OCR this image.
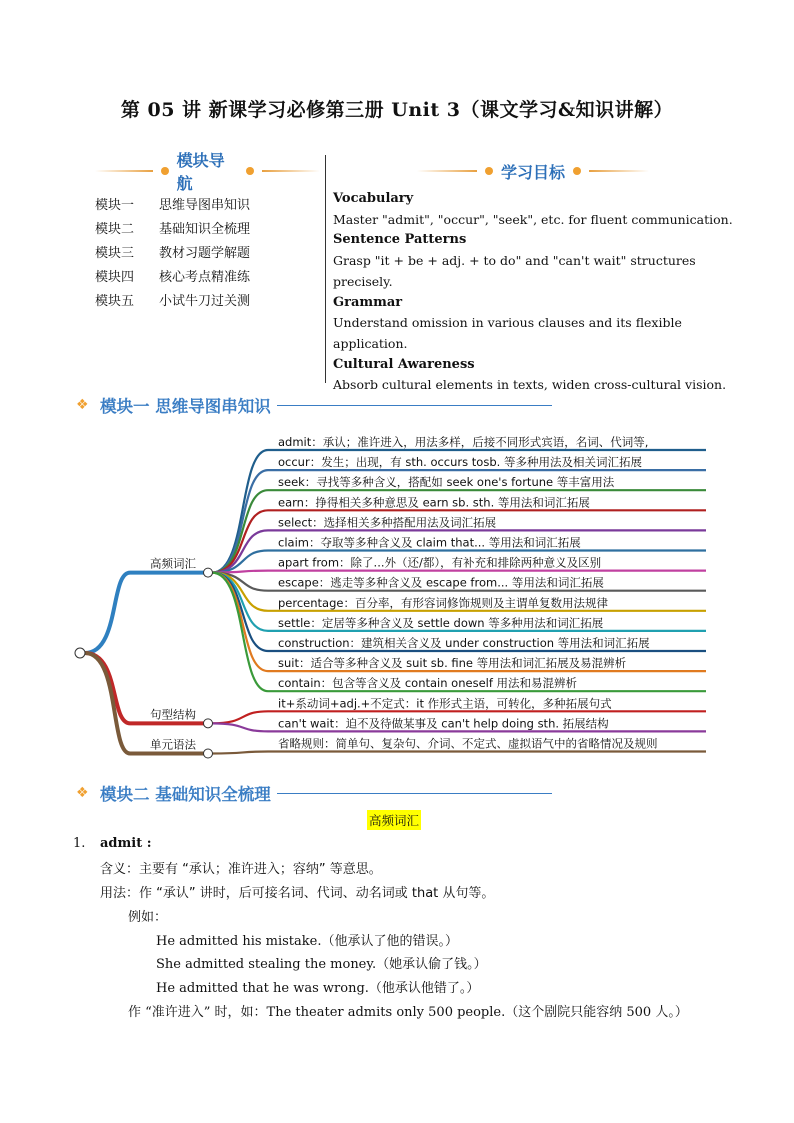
第 05 讲 新课学习必修第三册 Unit 3（课文学习&知识讲解）
模块导航
模块一	思维导图串知识
模块二	基础知识全梳理
模块三	教材习题学解题
模块四	核心考点精准练
模块五	小试牛刀过关测
学习目标
Vocabulary
Master "admit", "occur", "seek", etc. for fluent communication.
Sentence Patterns
Grasp "it + be + adj. + to do" and "can't wait" structures precisely.
Grammar
Understand omission in various clauses and its flexible application.
Cultural Awareness
Absorb cultural elements in texts, widen cross-cultural vision.
❖ 模块一 思维导图串知识
高频词汇
admit：承认；准许进入，用法多样，后接不同形式宾语，名词、代词等,
occur：发生；出现，有 sth. occurs tosb. 等多种用法及相关词汇拓展
seek：寻找等多种含义，搭配如 seek one's fortune 等丰富用法
earn：挣得相关多种意思及 earn sb. sth. 等用法和词汇拓展
select：选择相关多种搭配用法及词汇拓展
claim：夺取等多种含义及 claim that... 等用法和词汇拓展
apart from：除了...外（还/都），有补充和排除两种意义及区别
escape：逃走等多种含义及 escape from... 等用法和词汇拓展
percentage：百分率，有形容词修饰规则及主谓单复数用法规律
settle：定居等多种含义及 settle down 等多种用法和词汇拓展
construction：建筑相关含义及 under construction 等用法和词汇拓展
suit：适合等多种含义及 suit sb. fine 等用法和词汇拓展及易混辨析
contain：包含等含义及 contain oneself 用法和易混辨析
句型结构
it+系动词+adj.+不定式：it 作形式主语，可转化，多种拓展句式
can't wait：迫不及待做某事及 can't help doing sth. 拓展结构
单元语法	省略规则：简单句、复杂句、介词、不定式、虚拟语气中的省略情况及规则
❖ 模块二 基础知识全梳理
高频词汇
1. admit :
含义：主要有 “承认；准许进入；容纳” 等意思。
用法：作 “承认” 讲时，后可接名词、代词、动名词或 that 从句等。
例如：
He admitted his mistake.（他承认了他的错误。）
She admitted stealing the money.（她承认偷了钱。）
He admitted that he was wrong.（他承认他错了。）
作 “准许进入” 时，如：The theater admits only 500 people.（这个剧院只能容纳 500 人。）
